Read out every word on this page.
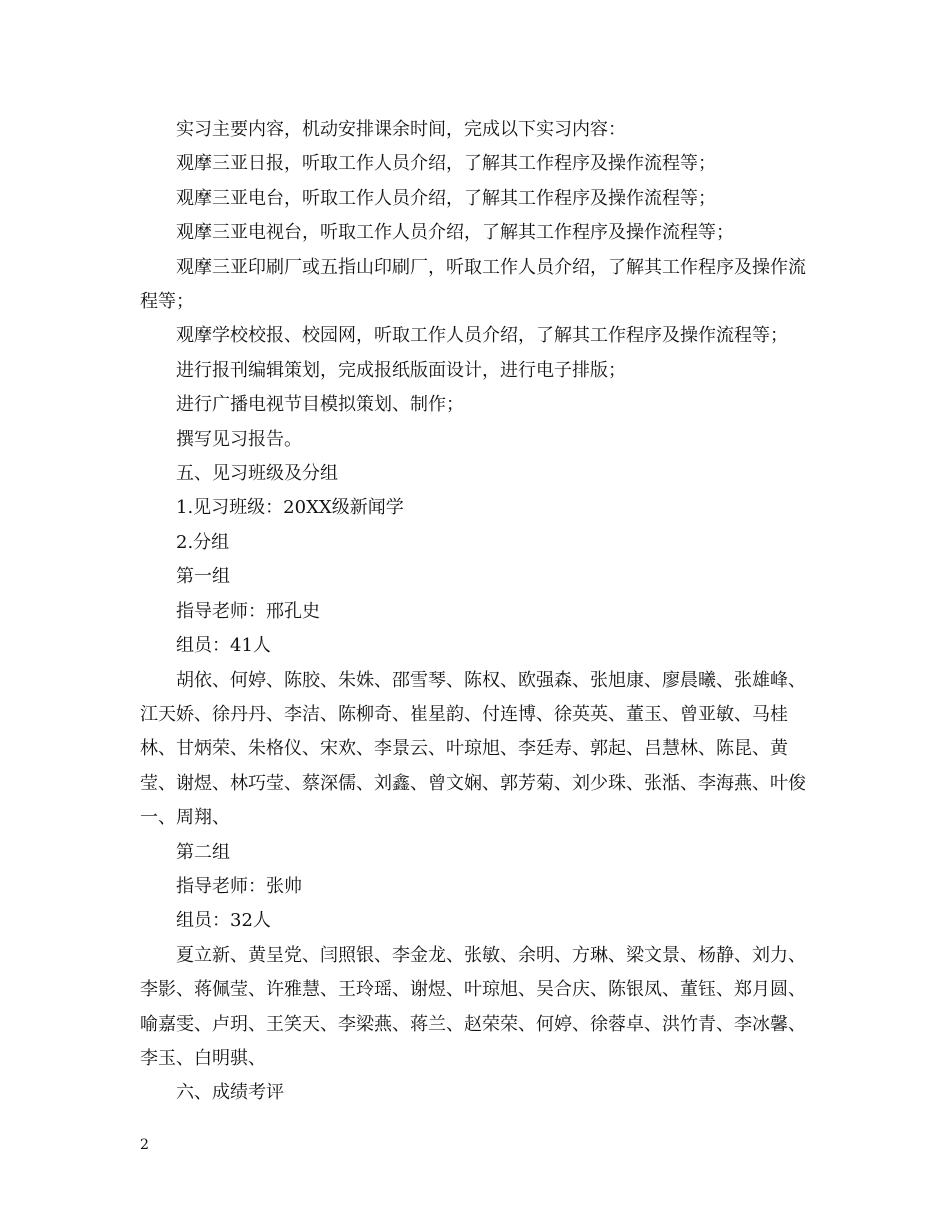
实习主要内容，机动安排课余时间，完成以下实习内容：

观摩三亚日报，听取工作人员介绍，了解其工作程序及操作流程等；

观摩三亚电台，听取工作人员介绍，了解其工作程序及操作流程等；

观摩三亚电视台，听取工作人员介绍，了解其工作程序及操作流程等；

观摩三亚印刷厂或五指山印刷厂，听取工作人员介绍，了解其工作程序及操作流程等；

观摩学校校报、校园网，听取工作人员介绍，了解其工作程序及操作流程等；

进行报刊编辑策划，完成报纸版面设计，进行电子排版；

进行广播电视节目模拟策划、制作；

撰写见习报告。

五、见习班级及分组

1.见习班级：20XX级新闻学

2.分组

第一组

指导老师：邢孔史

组员：41人

胡依、何婷、陈胶、朱姝、邵雪琴、陈权、欧强森、张旭康、廖晨曦、张雄峰、江天娇、徐丹丹、李洁、陈柳奇、崔星韵、付连博、徐英英、董玉、曾亚敏、马桂林、甘炳荣、朱格仪、宋欢、李景云、叶琼旭、李廷寿、郭起、吕慧林、陈昆、黄莹、谢煜、林巧莹、蔡深儒、刘鑫、曾文娴、郭芳菊、刘少珠、张湉、李海燕、叶俊一、周翔、

第二组

指导老师：张帅

组员：32人

夏立新、黄呈党、闫照银、李金龙、张敏、余明、方琳、梁文景、杨静、刘力、李影、蒋佩莹、许雅慧、王玲瑶、谢煜、叶琼旭、吴合庆、陈银凤、董钰、郑月圆、喻嘉雯、卢玥、王笑天、李梁燕、蒋兰、赵荣荣、何婷、徐蓉卓、洪竹青、李冰馨、李玉、白明骐、

六、成绩考评

2
